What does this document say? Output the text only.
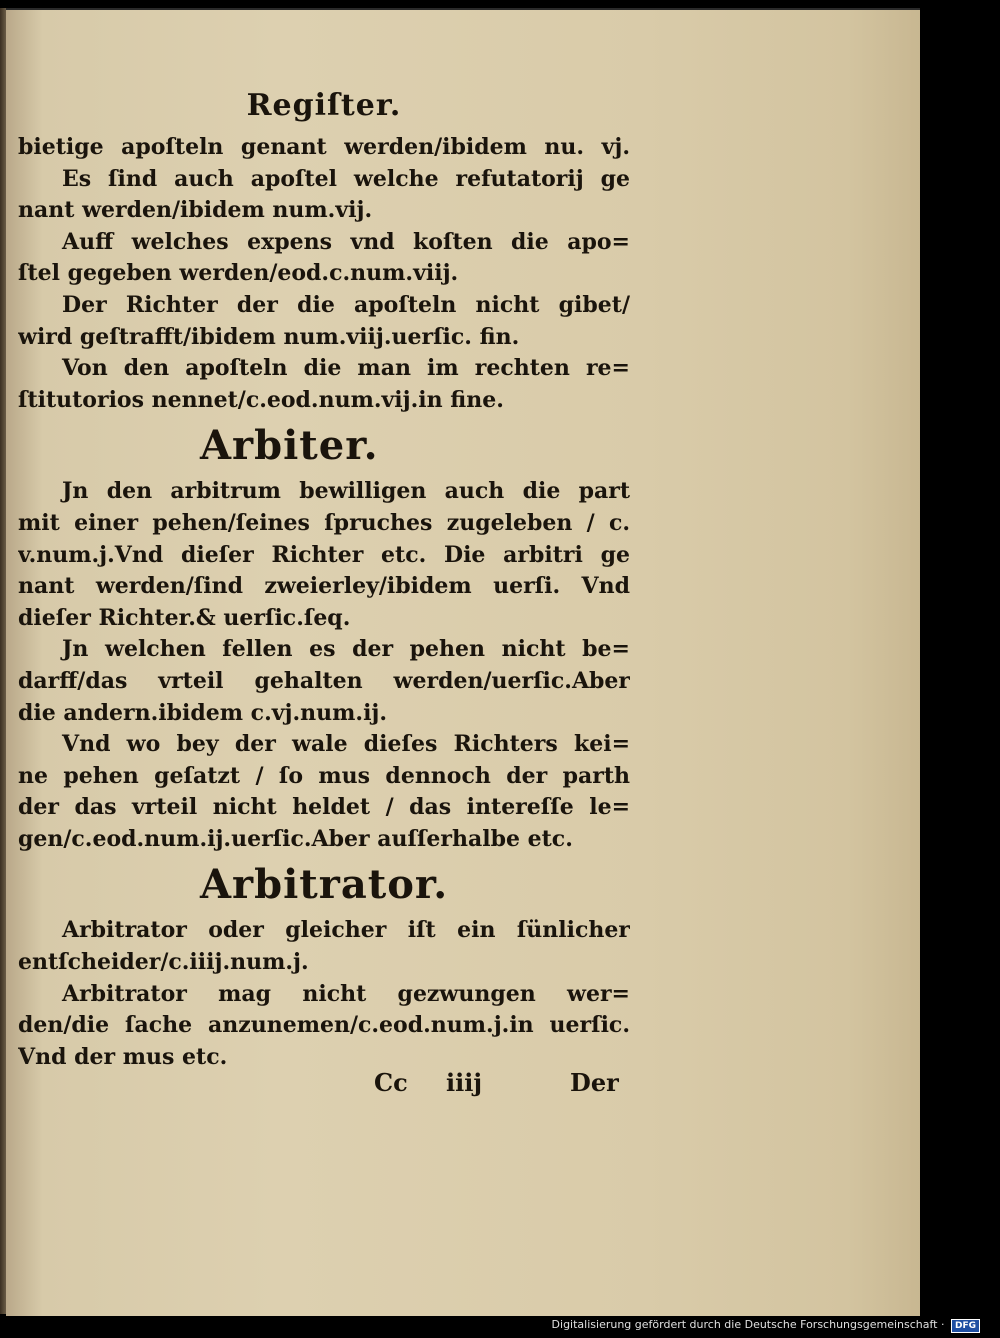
Regiſter.
bietige apoſteln genant werden/ibidem nu. vj.
Es ſind auch apoſtel welche refutatorij ge
nant werden/ibidem num.vij.
Auff welches expens vnd koſten die apo=
ſtel gegeben werden/eod.c.num.viij.
Der Richter der die apoſteln nicht gibet/
wird geſtrafft/ibidem num.viij.uerſic. fin.
Von den apoſteln die man im rechten re=
ſtitutorios nennet/c.eod.num.vij.in fine.
Arbiter.
Jn den arbitrum bewilligen auch die part
mit einer pehen/ſeines ſpruches zugeleben / c.
v.num.j.Vnd dieſer Richter etc. Die arbitri ge
nant werden/ſind zweierley/ibidem uerſi. Vnd
dieſer Richter.& uerſic.ſeq.
Jn welchen fellen es der pehen nicht be=
darff/das vrteil gehalten werden/uerſic.Aber
die andern.ibidem c.vj.num.ij.
Vnd wo bey der wale dieſes Richters kei=
ne pehen geſatzt / ſo mus dennoch der parth
der das vrteil nicht heldet / das intereſſe le=
gen/c.eod.num.ij.uerſic.Aber auſſerhalbe etc.
Arbitrator.
Arbitrator oder gleicher iſt ein ſünlicher
entſcheider/c.iiij.num.j.
Arbitrator mag nicht gezwungen wer=
den/die ſache anzunemen/c.eod.num.j.in uerſic.
Vnd der mus etc.
Cc iiij	Der
Digitalisierung gefördert durch die Deutsche Forschungsgemeinschaft · DFG
